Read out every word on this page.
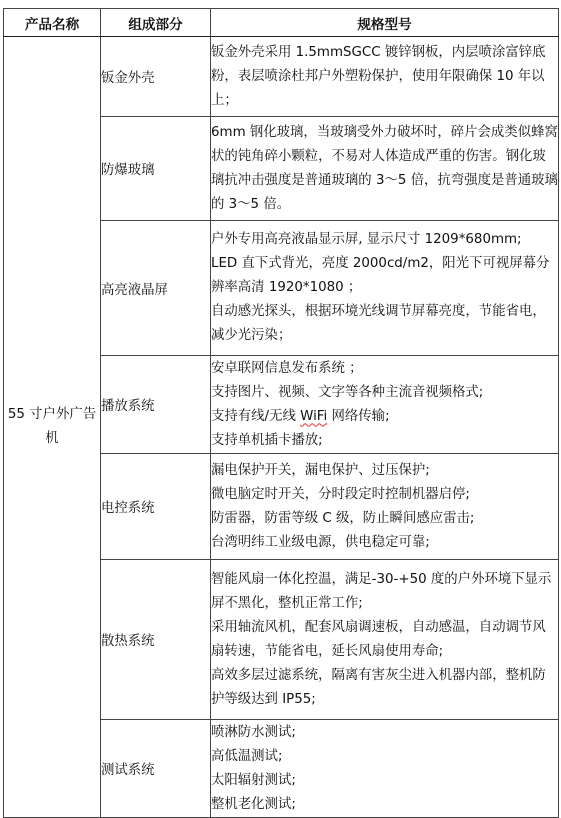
产品名称	组成部分	规格型号
55 寸户外广告机	钣金外壳	钣金外壳采用 1.5mmSGCC 镀锌钢板，内层喷涂富锌底粉，表层喷涂杜邦户外塑粉保护，使用年限确保 10 年以上；

	防爆玻璃	6mm 钢化玻璃，当玻璃受外力破坏时，碎片会成类似蜂窝状的钝角碎小颗粒，不易对人体造成严重的伤害。钢化玻璃抗冲击强度是普通玻璃的 3～5 倍，抗弯强度是普通玻璃的 3～5 倍。

	高亮液晶屏	户外专用高亮液晶显示屏, 显示尺寸 1209*680mm;
LED 直下式背光，亮度 2000cd/m2，阳光下可视屏幕分辨率高清 1920*1080 ；
自动感光探头，根据环境光线调节屏幕亮度，节能省电，减少光污染；

	播放系统	安卓联网信息发布系统 ；
支持图片、视频、文字等各种主流音视频格式;
支持有线/无线 WiFi 网络传输;
支持单机插卡播放;

	电控系统	漏电保护开关，漏电保护、过压保护;
微电脑定时开关，分时段定时控制机器启停;
防雷器，防雷等级 C 级，防止瞬间感应雷击;
台湾明纬工业级电源，供电稳定可靠;

	散热系统	智能风扇一体化控温，满足-30-+50 度的户外环境下显示屏不黑化，整机正常工作;
采用轴流风机，配套风扇调速板，自动感温，自动调节风扇转速，节能省电，延长风扇使用寿命;
高效多层过滤系统，隔离有害灰尘进入机器内部，整机防护等级达到 IP55;

	测试系统	喷淋防水测试;
高低温测试;
太阳辐射测试;
整机老化测试;
